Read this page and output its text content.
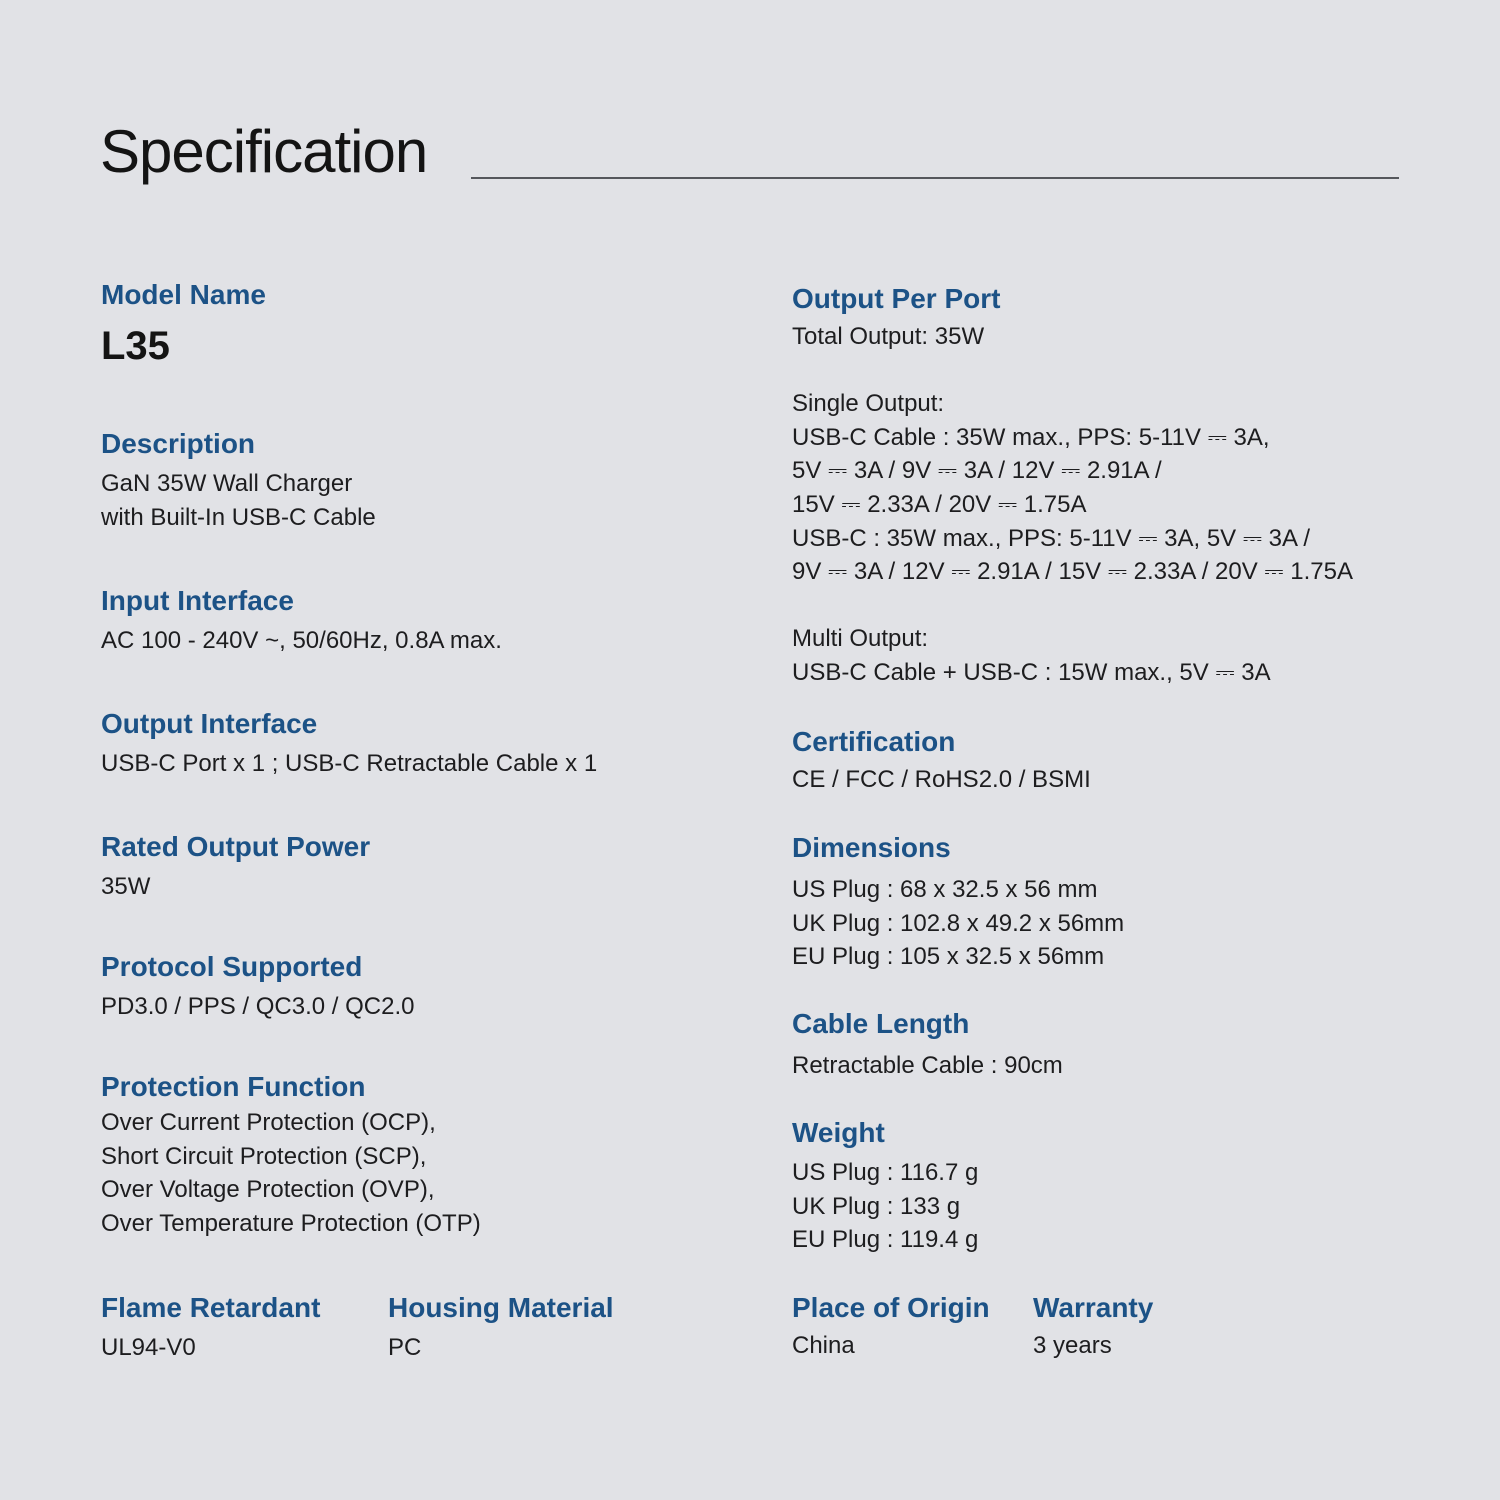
Specification
Model Name
L35
Description
GaN 35W Wall Charger
with Built-In USB-C Cable
Input Interface
AC 100 - 240V ~, 50/60Hz, 0.8A max.
Output Interface
USB-C Port x 1 ; USB-C Retractable Cable x 1
Rated Output Power
35W
Protocol Supported
PD3.0 / PPS / QC3.0 / QC2.0
Protection Function
Over Current Protection (OCP),
Short Circuit Protection (SCP),
Over Voltage Protection (OVP),
Over Temperature Protection (OTP)
Flame Retardant
UL94-V0
Housing Material
PC
Output Per Port
Total Output: 35W
Single Output:
USB-C Cable : 35W max., PPS: 5-11V ⎓ 3A,
5V ⎓ 3A / 9V ⎓ 3A / 12V ⎓ 2.91A /
15V ⎓ 2.33A / 20V ⎓ 1.75A
USB-C : 35W max., PPS: 5-11V ⎓ 3A, 5V ⎓ 3A /
9V ⎓ 3A / 12V ⎓ 2.91A / 15V ⎓ 2.33A / 20V ⎓ 1.75A
Multi Output:
USB-C Cable + USB-C : 15W max., 5V ⎓ 3A
Certification
CE / FCC / RoHS2.0 / BSMI
Dimensions
US Plug : 68 x 32.5 x 56 mm
UK Plug : 102.8 x 49.2 x 56mm
EU Plug : 105 x 32.5 x 56mm
Cable Length
Retractable Cable : 90cm
Weight
US Plug : 116.7 g
UK Plug : 133 g
EU Plug : 119.4 g
Place of Origin
China
Warranty
3 years
